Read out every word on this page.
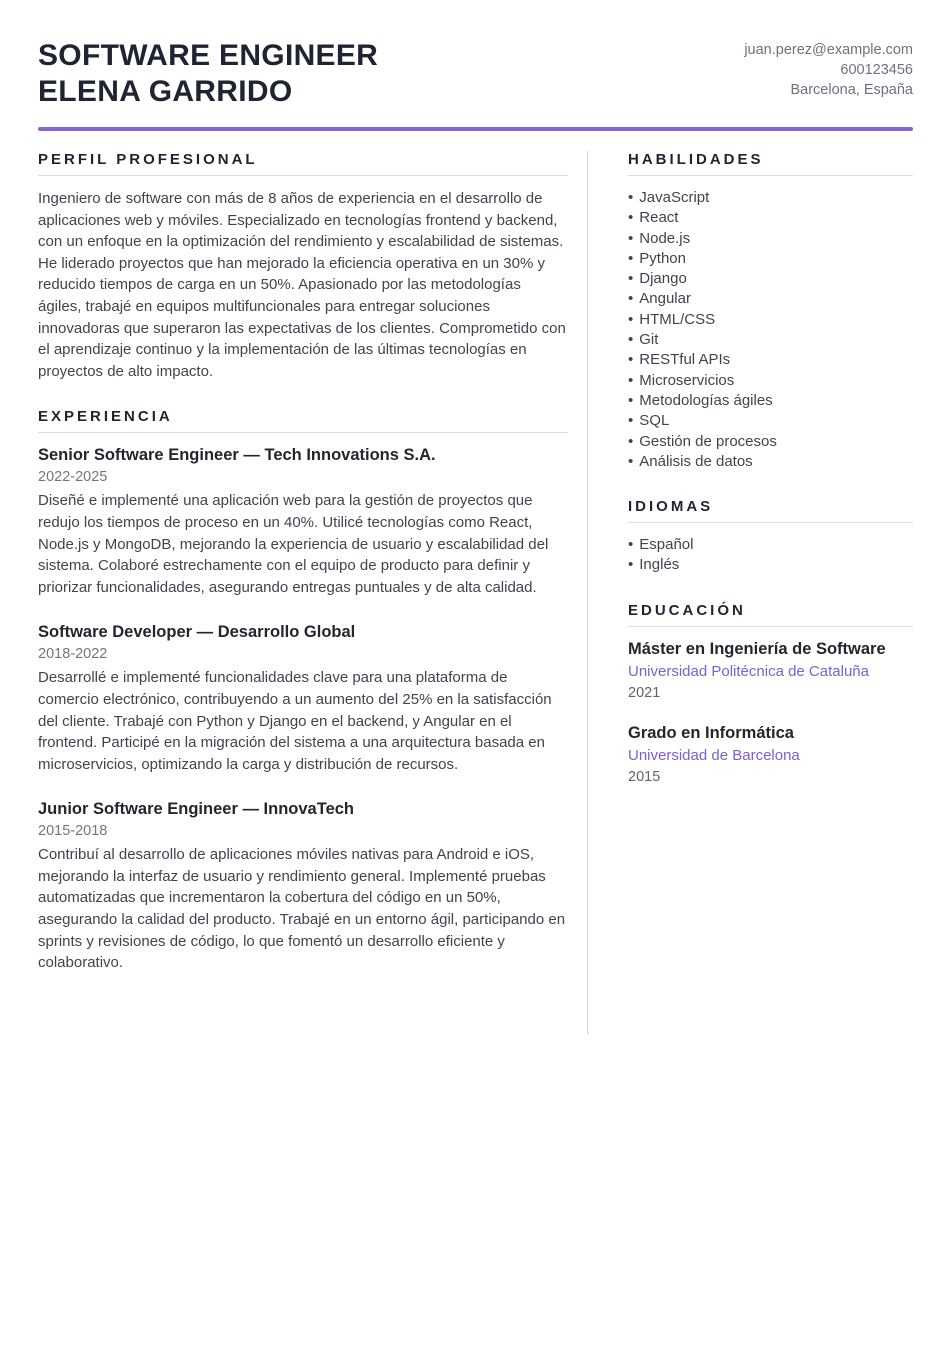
SOFTWARE ENGINEER
ELENA GARRIDO
juan.perez@example.com
600123456
Barcelona, España
PERFIL PROFESIONAL

Ingeniero de software con más de 8 años de experiencia en el desarrollo de aplicaciones web y móviles. Especializado en tecnologías frontend y backend, con un enfoque en la optimización del rendimiento y escalabilidad de sistemas. He liderado proyectos que han mejorado la eficiencia operativa en un 30% y reducido tiempos de carga en un 50%. Apasionado por las metodologías ágiles, trabajé en equipos multifuncionales para entregar soluciones innovadoras que superaron las expectativas de los clientes. Comprometido con el aprendizaje continuo y la implementación de las últimas tecnologías en proyectos de alto impacto.

EXPERIENCIA
Senior Software Engineer — Tech Innovations S.A.
2022-2025

Diseñé e implementé una aplicación web para la gestión de proyectos que redujo los tiempos de proceso en un 40%. Utilicé tecnologías como React, Node.js y MongoDB, mejorando la experiencia de usuario y escalabilidad del sistema. Colaboré estrechamente con el equipo de producto para definir y priorizar funcionalidades, asegurando entregas puntuales y de alta calidad.

Software Developer — Desarrollo Global
2018-2022

Desarrollé e implementé funcionalidades clave para una plataforma de comercio electrónico, contribuyendo a un aumento del 25% en la satisfacción del cliente. Trabajé con Python y Django en el backend, y Angular en el frontend. Participé en la migración del sistema a una arquitectura basada en microservicios, optimizando la carga y distribución de recursos.

Junior Software Engineer — InnovaTech
2015-2018

Contribuí al desarrollo de aplicaciones móviles nativas para Android e iOS, mejorando la interfaz de usuario y rendimiento general. Implementé pruebas automatizadas que incrementaron la cobertura del código en un 50%, asegurando la calidad del producto. Trabajé en un entorno ágil, participando en sprints y revisiones de código, lo que fomentó un desarrollo eficiente y colaborativo.

HABILIDADES
• JavaScript
• React
• Node.js
• Python
• Django
• Angular
• HTML/CSS
• Git
• RESTful APIs
• Microservicios
• Metodologías ágiles
• SQL
• Gestión de procesos
• Análisis de datos
IDIOMAS
• Español
• Inglés
EDUCACIÓN
Máster en Ingeniería de Software
Universidad Politécnica de Cataluña
2021
Grado en Informática
Universidad de Barcelona
2015
